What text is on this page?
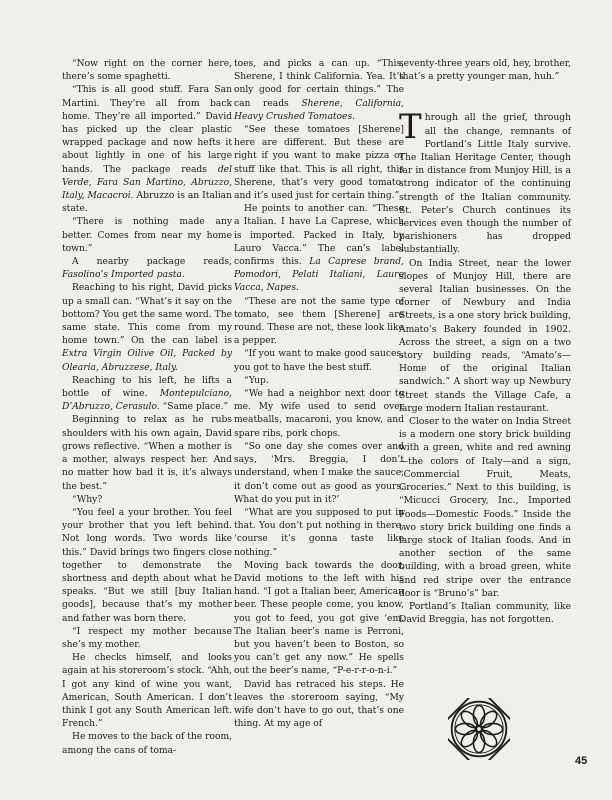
“Now right on the corner here, there’s some spaghetti.

“This is all good stuff. Fara San Martini. They’re all from back home. They’re all imported.” David has picked up the clear plastic wrapped package and now hefts it about lightly in one of his large hands. The package reads del Verde, Fara San Martino, Abruzzo, Italy, Macacroi. Abruzzo is an Italian state.

“There is nothing made any better. Comes from near my home town.”

A nearby package reads, Fasolino’s Imported pasta.

Reaching to his right, David picks up a small can. “What’s it say on the bottom? You get the same word. The same state. This come from my home town.” On the can label is Extra Virgin Oilive Oil, Packed by Olearia, Abruzzese, Italy.

Reaching to his left, he lifts a bottle of wine. Montepulciano, D’Abruzzo, Cerasulo. “Same place.”

Beginning to relax as he rubs shoulders with his own again, David grows reflective. “When a mother is a mother, always respect her. And no matter how bad it is, it’s always the best.”

“Why?

“You feel a your brother. You feel your brother that you left behind. Not long words. Two words like this.” David brings two fingers close together to demonstrate the shortness and depth about what he speaks. “But we still [buy Italian goods], because that’s my mother and father was born there.

“I respect my mother because she’s my mother.

He checks himself, and looks again at his storeroom’s stock. “Ahh, I got any kind of wine you want, American, South American. I don’t think I got any South American left. French.”

He moves to the back of the room, among the cans of toma-

toes, and picks a can up. “This, Sherene, I think California. Yea. It’s only good for certain things.” The can reads Sherene, California, Heavy Crushed Tomatoes.

“See these tomatoes [Sherene] here are different. But these are right if you want to make pizza or stuff like that. This is all right, this Sherene, that’s very good tomato, and it’s used just for certain thing.”

He points to another can. “These a Italian. I have La Caprese, which is imported. Packed in Italy, by Lauro Vacca.” The can’s label confirms this. La Caprese brand, Pomodori, Pelati Italiani, Lauro Vacca, Napes.

“These are not the same type of tomato, see them [Sherene] are round. These are not, these look like a pepper.

“If you want to make good sauces, you got to have the best stuff.

“Yup.

“We had a neighbor next door to me. My wife used to send over meatballs, macaroni, you know, and spare ribs, pork chops.

“So one day she comes over and says, ‘Mrs. Breggia, I don’t understand, when I make the sauce, it don’t come out as good as yours. What do you put in it?’

“What are you supposed to put in that. You don’t put nothing in there, ‘course it’s gonna taste like nothing.”

Moving back towards the door, David motions to the left with his hand. “I got a Italian beer, American beer. These people come, you know, you got to feed, you got give ‘em. The Italian beer’s name is Perroni, but you haven’t been to Boston, so you can’t get any now.” He spells out the beer’s name, “P-e-r-r-o-n-i.”

David has retraced his steps. He leaves the storeroom saying, “My wife don’t have to go out, that’s one thing. At my age of

seventy-three years old, hey, brother, that’s a pretty younger man, huh.”

Through all the grief, through all the change, remnants of Portland’s Little Italy survive. The Italian Heritage Center, though far in distance from Munjoy Hill, is a strong indicator of the continuing strength of the Italian community. St. Peter’s Church continues its services even though the number of parishioners has dropped substantially.

On India Street, near the lower slopes of Munjoy Hill, there are several Italian businesses. On the corner of Newbury and India Streets, is a one story brick building, Amato’s Bakery founded in 1902. Across the street, a sign on a two story building reads, “Amato’s—Home of the original Italian sandwich.” A short way up Newbury Street stands the Village Cafe, a large modern Italian restaurant.

Closer to the water on India Street is a modern one story brick building with a green, white and red awning—the colors of Italy—and a sign, “Commercial Fruit, Meats, Groceries.” Next to this building, is “Micucci Grocery, Inc., Imported Foods—Domestic Foods.” Inside the two story brick building one finds a large stock of Italian foods. And in another section of the same building, with a broad green, white and red stripe over the entrance door is “Bruno’s” bar.

Portland’s Italian community, like David Breggia, has not forgotten.

45
